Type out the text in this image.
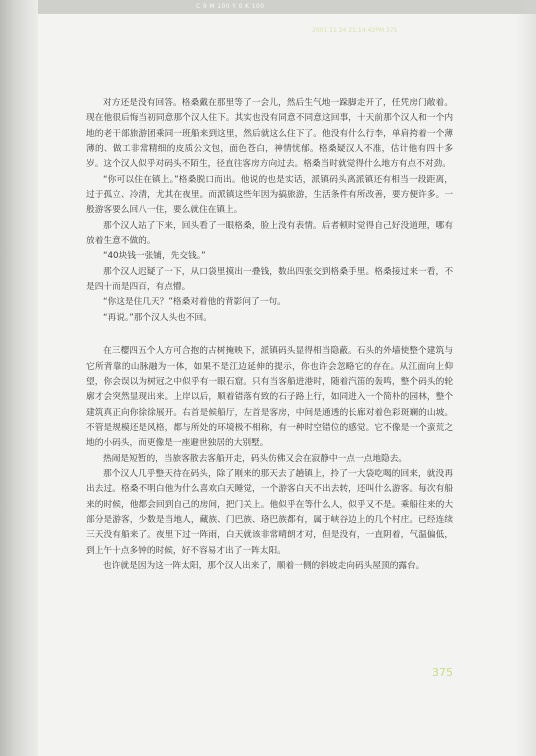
C 9 M 100 Y 0 K 100
2001 11 24 21:14:42PM 375

对方还是没有回答。格桑戴在那里等了一会儿，然后生气地一跺脚走开了，任凭房门敞着。现在他很后悔当初同意那个汉人住下。其实也没有同意不同意这回事，十天前那个汉人和一个内地的老干部旅游团乘同一班船来到这里，然后就这么住下了。他没有什么行李，单肩挎着一个薄薄的、做工非常精细的皮质公文包，面色苍白，神情忧郁。格桑疑汉人不准，估计他有四十多岁。这个汉人似乎对码头不陌生，径直往客房方向过去。格桑当时就觉得什么地方有点不对劲。

“你可以住在镇上。”格桑脱口而出。他说的也是实话，派镇码头离派镇还有相当一段距离，过于孤立、冷清，尤其在夜里。而派镇这些年因为搞旅游，生活条件有所改善，要方便许多。一般游客要么回八一住，要么就住在镇上。

那个汉人站了下来，回头看了一眼格桑，脸上没有表情。后者顿时觉得自己好没道理，哪有放着生意不做的。

“40块钱一张铺，先交钱。”

那个汉人迟疑了一下，从口袋里摸出一叠钱，数出四张交到格桑手里。格桑接过来一看，不是四十而是四百，有点懵。

“你这是住几天？”格桑对着他的背影问了一句。

“再说。”那个汉人头也不回。

在三樱四五个人方可合抱的古树掩映下，派镇码头显得相当隐蔽。石头的外墙使整个建筑与它所背靠的山脉融为一体，如果不是江边延伸的提示，你也许会忽略它的存在。从江面向上仰望，你会误以为树冠之中似乎有一眼石窟。只有当客船进港时，随着汽笛的轰鸣，整个码头的轮廓才会突然显现出来。上岸以后，顺着错落有致的石子路上行，如同进入一个简朴的园林，整个建筑真正向你徐徐展开。右首是候船厅，左首是客房，中间是通透的长廊对着色彩斑斓的山坡。不管是规模还是风格，都与所处的环境极不相称，有一种时空错位的感觉。它不像是一个蛮荒之地的小码头，而更像是一座避世独居的大别墅。

热闹是短暂的，当旅客散去客船开走，码头仿佛又会在寂静中一点一点地隐去。

那个汉人几乎整天待在码头，除了刚来的那天去了趟镇上，拎了一大袋吃喝的回来，就没再出去过。格桑不明白他为什么喜欢白天睡觉，一个游客白天不出去转，还叫什么游客。每次有船来的时候，他都会回到自己的房间，把门关上。他似乎在等什么人，似乎又不是。乘船往来的大部分是游客，少数是当地人，藏族、门巴族、珞巴族都有，属于峡谷边上的几个村庄。已经连续三天没有船来了。夜里下过一阵雨，白天就该非常晴朗才对，但是没有，一直阴着，气温偏低，到上午十点多钟的时候，好不容易才出了一阵太阳。

也许就是因为这一阵太阳，那个汉人出来了，顺着一侧的斜坡走向码头屋顶的露台。

375
